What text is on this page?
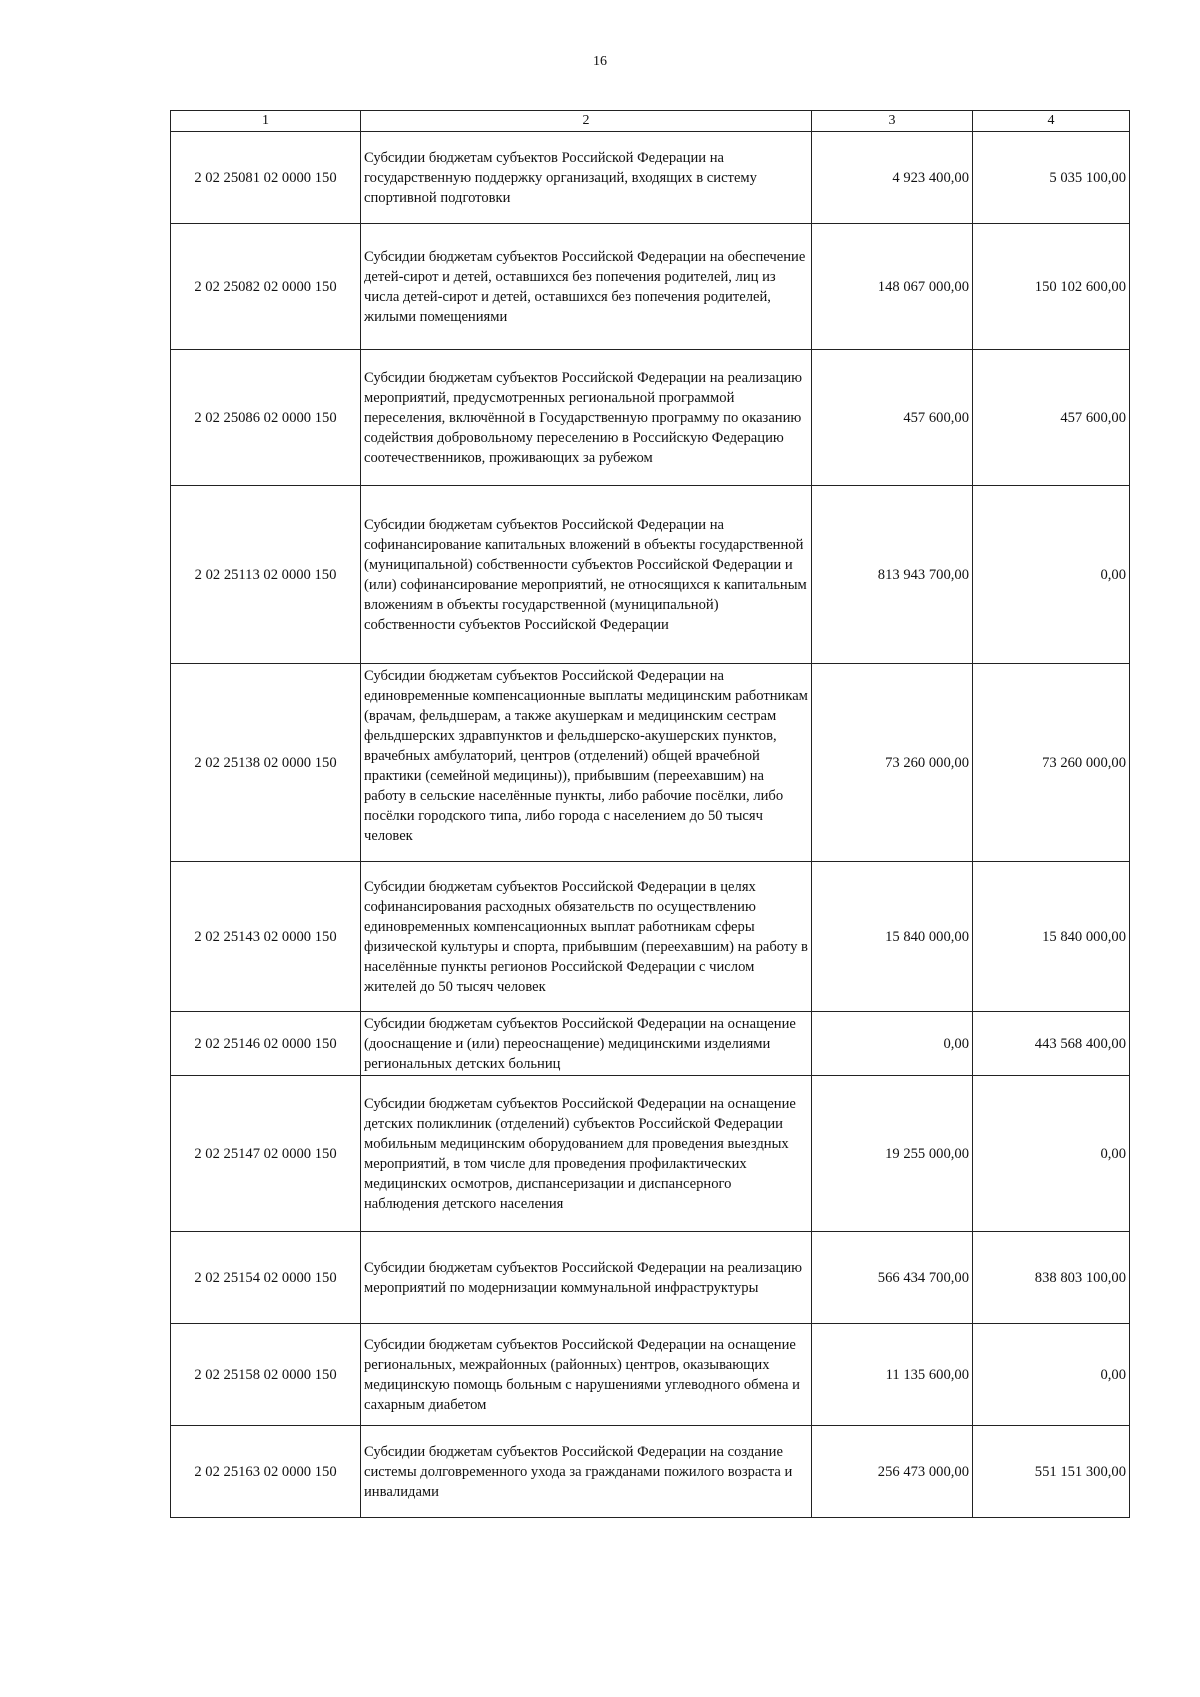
16
1	2	3	4
2 02 25081 02 0000 150	Субсидии бюджетам субъектов Российской Федерации на государственную поддержку организаций, входящих в систему спортивной подготовки	4 923 400,00	5 035 100,00
2 02 25082 02 0000 150	Субсидии бюджетам субъектов Российской Федерации на обеспечение детей-сирот и детей, оставшихся без попечения родителей, лиц из числа детей-сирот и детей, оставшихся без попечения родителей, жилыми помещениями	148 067 000,00	150 102 600,00
2 02 25086 02 0000 150	Субсидии бюджетам субъектов Российской Федерации на реализацию мероприятий, предусмотренных региональной программой переселения, включённой в Государственную программу по оказанию содействия добровольному переселению в Российскую Федерацию соотечественников, проживающих за рубежом	457 600,00	457 600,00
2 02 25113 02 0000 150	Субсидии бюджетам субъектов Российской Федерации на софинансирование капитальных вложений в объекты государственной (муниципальной) собственности субъектов Российской Федерации и (или) софинансирование мероприятий, не относящихся к капитальным вложениям в объекты государственной (муниципальной) собственности субъектов Российской Федерации	813 943 700,00	0,00
2 02 25138 02 0000 150	Субсидии бюджетам субъектов Российской Федерации на единовременные компенсационные выплаты медицинским работникам (врачам, фельдшерам, а также акушеркам и медицинским сестрам фельдшерских здравпунктов и фельдшерско-акушерских пунктов, врачебных амбулаторий, центров (отделений) общей врачебной практики (семейной медицины)), прибывшим (переехавшим) на работу в сельские населённые пункты, либо рабочие посёлки, либо посёлки городского типа, либо города с населением до 50 тысяч человек	73 260 000,00	73 260 000,00
2 02 25143 02 0000 150	Субсидии бюджетам субъектов Российской Федерации в целях софинансирования расходных обязательств по осуществлению единовременных компенсационных выплат работникам сферы физической культуры и спорта, прибывшим (переехавшим) на работу в населённые пункты регионов Российской Федерации с числом жителей до 50 тысяч человек	15 840 000,00	15 840 000,00
2 02 25146 02 0000 150	Субсидии бюджетам субъектов Российской Федерации на оснащение (дооснащение и (или) переоснащение) медицинскими изделиями региональных детских больниц	0,00	443 568 400,00
2 02 25147 02 0000 150	Субсидии бюджетам субъектов Российской Федерации на оснащение детских поликлиник (отделений) субъектов Российской Федерации мобильным медицинским оборудованием для проведения выездных мероприятий, в том числе для проведения профилактических медицинских осмотров, диспансеризации и диспансерного наблюдения детского населения	19 255 000,00	0,00
2 02 25154 02 0000 150	Субсидии бюджетам субъектов Российской Федерации на реализацию мероприятий по модернизации коммунальной инфраструктуры	566 434 700,00	838 803 100,00
2 02 25158 02 0000 150	Субсидии бюджетам субъектов Российской Федерации на оснащение региональных, межрайонных (районных) центров, оказывающих медицинскую помощь больным с нарушениями углеводного обмена и сахарным диабетом	11 135 600,00	0,00
2 02 25163 02 0000 150	Субсидии бюджетам субъектов Российской Федерации на создание системы долговременного ухода за гражданами пожилого возраста и инвалидами	256 473 000,00	551 151 300,00
